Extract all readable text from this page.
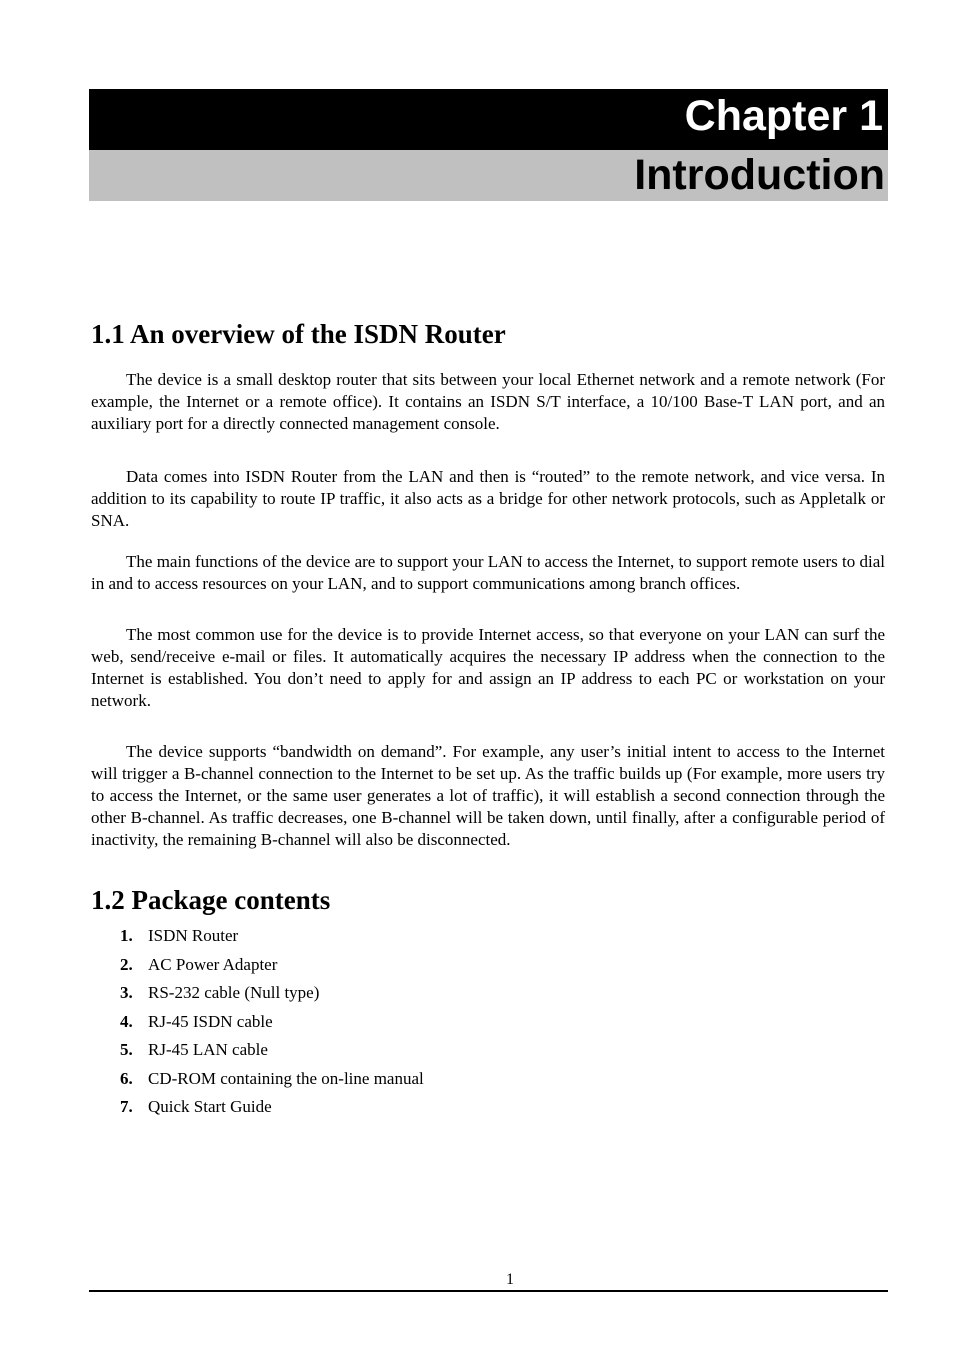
Chapter 1
Introduction
1.1 An overview of the ISDN Router

The device is a small desktop router that sits between your local Ethernet network and a remote network (For example, the Internet or a remote office). It contains an ISDN S/T interface, a 10/100 Base-T LAN port, and an auxiliary port for a directly connected management console.

Data comes into ISDN Router from the LAN and then is “routed” to the remote network, and vice versa. In addition to its capability to route IP traffic, it also acts as a bridge for other network protocols, such as Appletalk or SNA.

The main functions of the device are to support your LAN to access the Internet, to support remote users to dial in and to access resources on your LAN, and to support communications among branch offices.

The most common use for the device is to provide Internet access, so that everyone on your LAN can surf the web, send/receive e-mail or files. It automatically acquires the necessary IP address when the connection to the Internet is established. You don’t need to apply for and assign an IP address to each PC or workstation on your network.

The device supports “bandwidth on demand”. For example, any user’s initial intent to access to the Internet will trigger a B-channel connection to the Internet to be set up. As the traffic builds up (For example, more users try to access the Internet, or the same user generates a lot of traffic), it will establish a second connection through the other B-channel. As traffic decreases, one B-channel will be taken down, until finally, after a configurable period of inactivity, the remaining B-channel will also be disconnected.

1.2 Package contents
1. ISDN Router
2. AC Power Adapter
3. RS-232 cable (Null type)
4. RJ-45 ISDN cable
5. RJ-45 LAN cable
6. CD-ROM containing the on-line manual
7. Quick Start Guide
1
